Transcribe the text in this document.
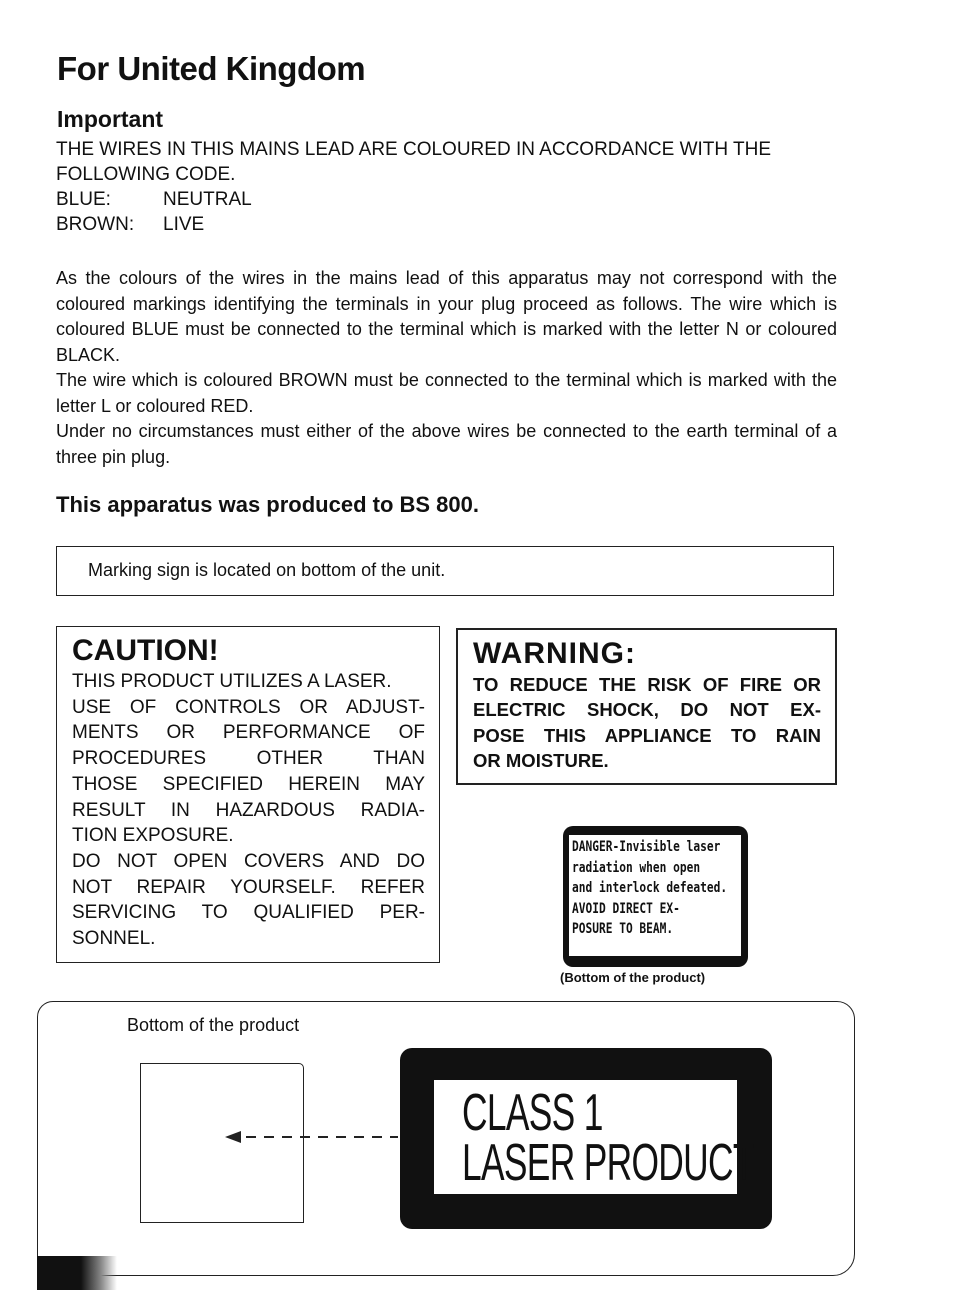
For United Kingdom
Important
THE WIRES IN THIS MAINS LEAD ARE COLOURED IN ACCORDANCE WITH THE
FOLLOWING CODE.
BLUE:	NEUTRAL
BROWN:	LIVE

As the colours of the wires in the mains lead of this apparatus may not correspond with the coloured markings identifying the terminals in your plug proceed as follows. The wire which is coloured BLUE must be connected to the terminal which is marked with the letter N or coloured BLACK.

The wire which is coloured BROWN must be connected to the terminal which is marked with the letter L or coloured RED.

Under no circumstances must either of the above wires be connected to the earth terminal of a three pin plug.

This apparatus was produced to BS 800.
Marking sign is located on bottom of the unit.
CAUTION!
THIS PRODUCT UTILIZES A LASER.
USE OF CONTROLS OR ADJUST-
MENTS OR PERFORMANCE OF
PROCEDURES OTHER THAN
THOSE SPECIFIED HEREIN MAY
RESULT IN HAZARDOUS RADIA-
TION EXPOSURE.
DO NOT OPEN COVERS AND DO
NOT REPAIR YOURSELF. REFER
SERVICING TO QUALIFIED PER-
SONNEL.
WARNING:
TO REDUCE THE RISK OF FIRE OR
ELECTRIC SHOCK, DO NOT EX-
POSE THIS APPLIANCE TO RAIN
OR MOISTURE.
DANGER-Invisible laser
radiation when open
and interlock defeated.
AVOID DIRECT EX-
POSURE TO BEAM.
(Bottom of the product)
Bottom of the product
CLASS 1
LASER PRODUCT
